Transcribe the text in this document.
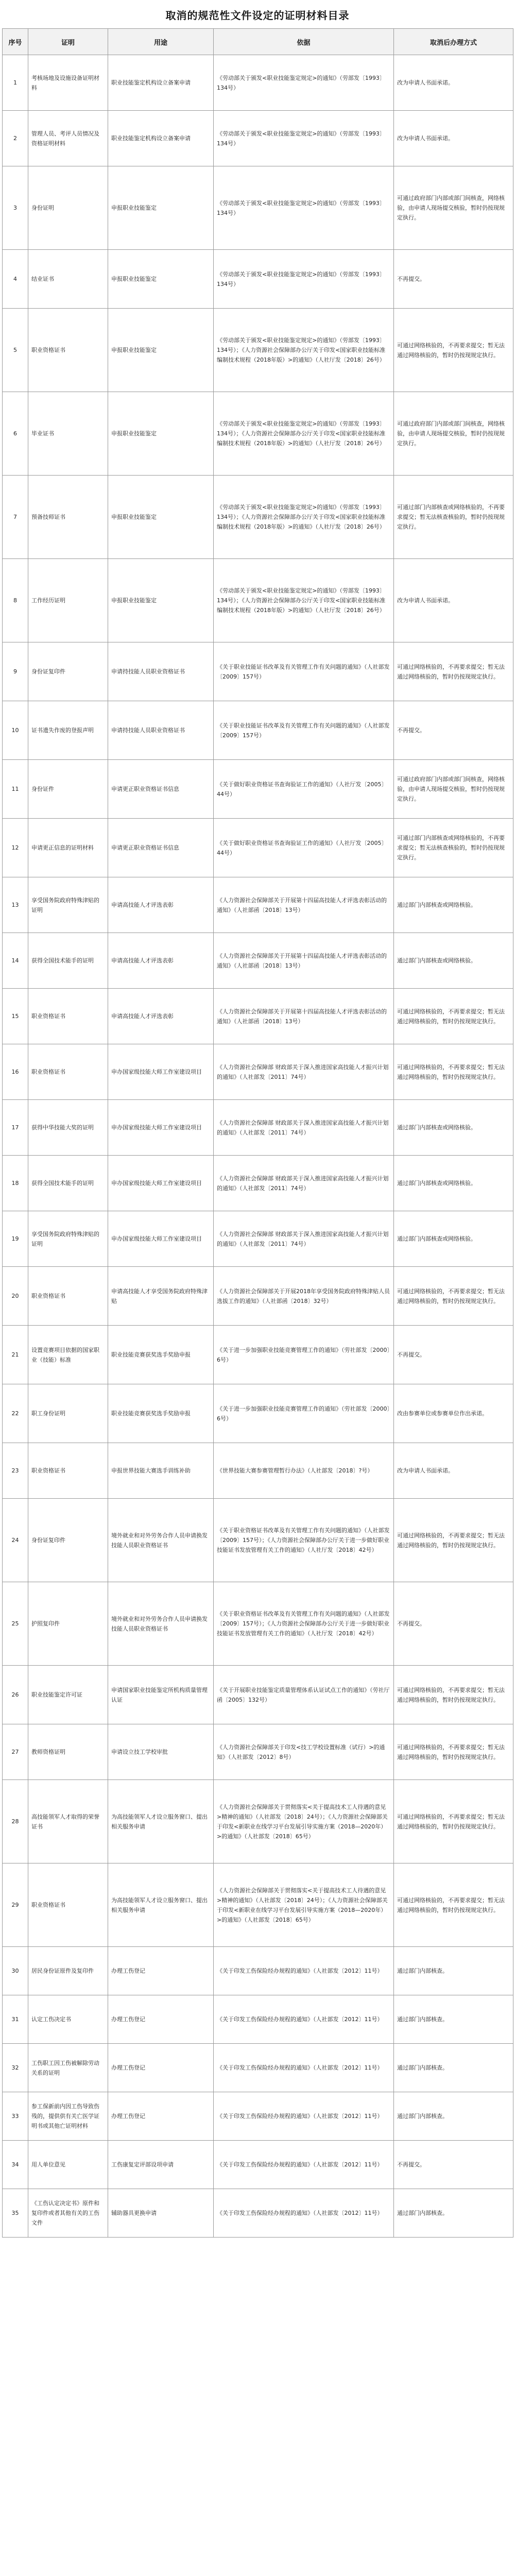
取消的规范性文件设定的证明材料目录
序号	证明	用途	依据	取消后办理方式
1	考核场地及设施设备证明材料	职业技能鉴定机构设立备案申请	《劳动部关于颁发<职业技能鉴定规定>的通知》（劳部发〔1993〕134号）	改为申请人书面承诺。
2	管理人员、考评人员情况及资格证明材料	职业技能鉴定机构设立备案申请	《劳动部关于颁发<职业技能鉴定规定>的通知》（劳部发〔1993〕134号）	改为申请人书面承诺。
3	身份证明	申报职业技能鉴定	《劳动部关于颁发<职业技能鉴定规定>的通知》（劳部发〔1993〕134号）	可通过政府部门内部或部门间核查，网络核验，由申请人现场提交核验，暂时仍按现规定执行。
4	结业证书	申报职业技能鉴定	《劳动部关于颁发<职业技能鉴定规定>的通知》（劳部发〔1993〕134号）	不再提交。
5	职业资格证书	申报职业技能鉴定	《劳动部关于颁发<职业技能鉴定规定>的通知》（劳部发〔1993〕134号）；《人力资源社会保障部办公厅关于印发<国家职业技能标准编制技术规程（2018年版）>的通知》（人社厅发〔2018〕26号）	可通过网络核验的，不再要求提交；暂无法通过网络核验的，暂时仍按现规定执行。
6	毕业证书	申报职业技能鉴定	《劳动部关于颁发<职业技能鉴定规定>的通知》（劳部发〔1993〕134号）；《人力资源社会保障部办公厅关于印发<国家职业技能标准编制技术规程（2018年版）>的通知》（人社厅发〔2018〕26号）	可通过政府部门内部或部门间核查，网络核验，由申请人现场提交核验，暂时仍按现规定执行。
7	预备技师证书	申报职业技能鉴定	《劳动部关于颁发<职业技能鉴定规定>的通知》（劳部发〔1993〕134号）；《人力资源社会保障部办公厅关于印发<国家职业技能标准编制技术规程（2018年版）>的通知》（人社厅发〔2018〕26号）	可通过部门内部核查或网络核验的，不再要求提交；暂无法核查核验的，暂时仍按现规定执行。
8	工作经历证明	申报职业技能鉴定	《劳动部关于颁发<职业技能鉴定规定>的通知》（劳部发〔1993〕134号）；《人力资源社会保障部办公厅关于印发<国家职业技能标准编制技术规程（2018年版）>的通知》（人社厅发〔2018〕26号）	改为申请人书面承诺。
9	身份证复印件	申请持技能人员职业资格证书	《关于职业技能证书改革及有关管理工作有关问题的通知》（人社部发〔2009〕157号）	可通过网络核验的，不再要求提交；暂无法通过网络核验的，暂时仍按现规定执行。
10	证书遗失作废的登报声明	申请持技能人员职业资格证书	《关于职业技能证书改革及有关管理工作有关问题的通知》（人社部发〔2009〕157号）	不再提交。
11	身份证件	申请更正职业资格证书信息	《关于做好职业资格证书查询验证工作的通知》（人社厅发〔2005〕44号）	可通过政府部门内部或部门间核查，网络核验，由申请人现场提交核验，暂时仍按现规定执行。
12	申请更正信息的证明材料	申请更正职业资格证书信息	《关于做好职业资格证书查询验证工作的通知》（人社厅发〔2005〕44号）	可通过部门内部核查或网络核验的，不再要求提交；暂无法核查核验的，暂时仍按现规定执行。
13	享受国务院政府特殊津贴的证明	申请高技能人才评选表彰	《人力资源社会保障部关于开展第十四届高技能人才评选表彰活动的通知》（人社部函〔2018〕13号）	通过部门内部核查或网络核验。
14	获得全国技术能手的证明	申请高技能人才评选表彰	《人力资源社会保障部关于开展第十四届高技能人才评选表彰活动的通知》（人社部函〔2018〕13号）	通过部门内部核查或网络核验。
15	职业资格证书	申请高技能人才评选表彰	《人力资源社会保障部关于开展第十四届高技能人才评选表彰活动的通知》（人社部函〔2018〕13号）	可通过网络核验的，不再要求提交；暂无法通过网络核验的，暂时仍按现规定执行。
16	职业资格证书	申办国家级技能大师工作室建设项目	《人力资源社会保障部 财政部关于深入推进国家高技能人才振兴计划的通知》（人社部发〔2011〕74号）	可通过网络核验的，不再要求提交；暂无法通过网络核验的，暂时仍按现规定执行。
17	获得中华技能大奖的证明	申办国家级技能大师工作室建设项目	《人力资源社会保障部 财政部关于深入推进国家高技能人才振兴计划的通知》（人社部发〔2011〕74号）	通过部门内部核查或网络核验。
18	获得全国技术能手的证明	申办国家级技能大师工作室建设项目	《人力资源社会保障部 财政部关于深入推进国家高技能人才振兴计划的通知》（人社部发〔2011〕74号）	通过部门内部核查或网络核验。
19	享受国务院政府特殊津贴的证明	申办国家级技能大师工作室建设项目	《人力资源社会保障部 财政部关于深入推进国家高技能人才振兴计划的通知》（人社部发〔2011〕74号）	通过部门内部核查或网络核验。
20	职业资格证书	申请高技能人才享受国务院政府特殊津贴	《人力资源社会保障部关于开展2018年享受国务院政府特殊津贴人员选拔工作的通知》（人社部函〔2018〕32号）	可通过网络核验的，不再要求提交；暂无法通过网络核验的，暂时仍按现规定执行。
21	设置竞赛项目依据的国家职业（技能）标准	职业技能竞赛获奖选手奖励申报	《关于进一步加强职业技能竞赛管理工作的通知》（劳社部发〔2000〕6号）	不再提交。
22	职工身份证明	职业技能竞赛获奖选手奖励申报	《关于进一步加强职业技能竞赛管理工作的通知》（劳社部发〔2000〕6号）	改由参赛单位或参赛单位作出承诺。
23	职业资格证书	申报世界技能大赛选手训练补助	《世界技能大赛参赛管理暂行办法》（人社部发〔2018〕?号）	改为申请人书面承诺。
24	身份证复印件	境外就业和对外劳务合作人员申请换发技能人员职业资格证书	《关于职业资格证书改革及有关管理工作有关问题的通知》（人社部发〔2009〕157号）；《人力资源社会保障部办公厅关于进一步做好职业技能证书发放管理有关工作的通知》（人社厅发〔2018〕42号）	可通过网络核验的，不再要求提交；暂无法通过网络核验的，暂时仍按现规定执行。
25	护照复印件	境外就业和对外劳务合作人员申请换发技能人员职业资格证书	《关于职业资格证书改革及有关管理工作有关问题的通知》（人社部发〔2009〕157号）；《人力资源社会保障部办公厅关于进一步做好职业技能证书发放管理有关工作的通知》（人社厅发〔2018〕42号）	不再提交。
26	职业技能鉴定许可证	申请国家职业技能鉴定所机构质量管理认证	《关于开展职业技能鉴定质量管理体系认证试点工作的通知》（劳社厅函〔2005〕132号）	可通过网络核验的，不再要求提交；暂无法通过网络核验的，暂时仍按现规定执行。
27	教师资格证明	申请设立技工学校审批	《人力资源社会保障部关于印发<技工学校设置标准（试行）>的通知》（人社部发〔2012〕8号）	可通过网络核验的，不再要求提交；暂无法通过网络核验的，暂时仍按现规定执行。
28	高技能领军人才取得的荣誉证书	为高技能领军人才设立服务窗口、提出相关服务申请	《人力资源社会保障部关于贯彻落实<关于提高技术工人待遇的意见>精神的通知》（人社部发〔2018〕24号）；《人力资源社会保障部关于印发<新职业在线学习平台发展引导实施方案（2018—2020年）>的通知》（人社部发〔2018〕65号）	可通过网络核验的，不再要求提交；暂无法通过网络核验的，暂时仍按现规定执行。
29	职业资格证书	为高技能领军人才设立服务窗口、提出相关服务申请	《人力资源社会保障部关于贯彻落实<关于提高技术工人待遇的意见>精神的通知》（人社部发〔2018〕24号）；《人力资源社会保障部关于印发<新职业在线学习平台发展引导实施方案（2018—2020年）>的通知》（人社部发〔2018〕65号）	可通过网络核验的，不再要求提交；暂无法通过网络核验的，暂时仍按现规定执行。
30	居民身份证原件及复印件	办理工伤登记	《关于印发工伤保险经办规程的通知》（人社部发〔2012〕11号）	通过部门内部核查。
31	认定工伤决定书	办理工伤登记	《关于印发工伤保险经办规程的通知》（人社部发〔2012〕11号）	通过部门内部核查。
32	工伤职工因工伤被解除劳动关系的证明	办理工伤登记	《关于印发工伤保险经办规程的通知》（人社部发〔2012〕11号）	通过部门内部核查。
33	参工保新前内因工伤导致伤残的，提供供有关亡医学证明书或其他亡证明材料	办理工伤登记	《关于印发工伤保险经办规程的通知》（人社部发〔2012〕11号）	通过部门内部核查。
34	用人单位意见	工伤康复定评部设项申请	《关于印发工伤保险经办规程的通知》（人社部发〔2012〕11号）	不再提交。
35	《工伤认定决定书》原件和复印件或者其他有关的工伤文件	辅助器具更换申请	《关于印发工伤保险经办规程的通知》（人社部发〔2012〕11号）	通过部门内部核查。
